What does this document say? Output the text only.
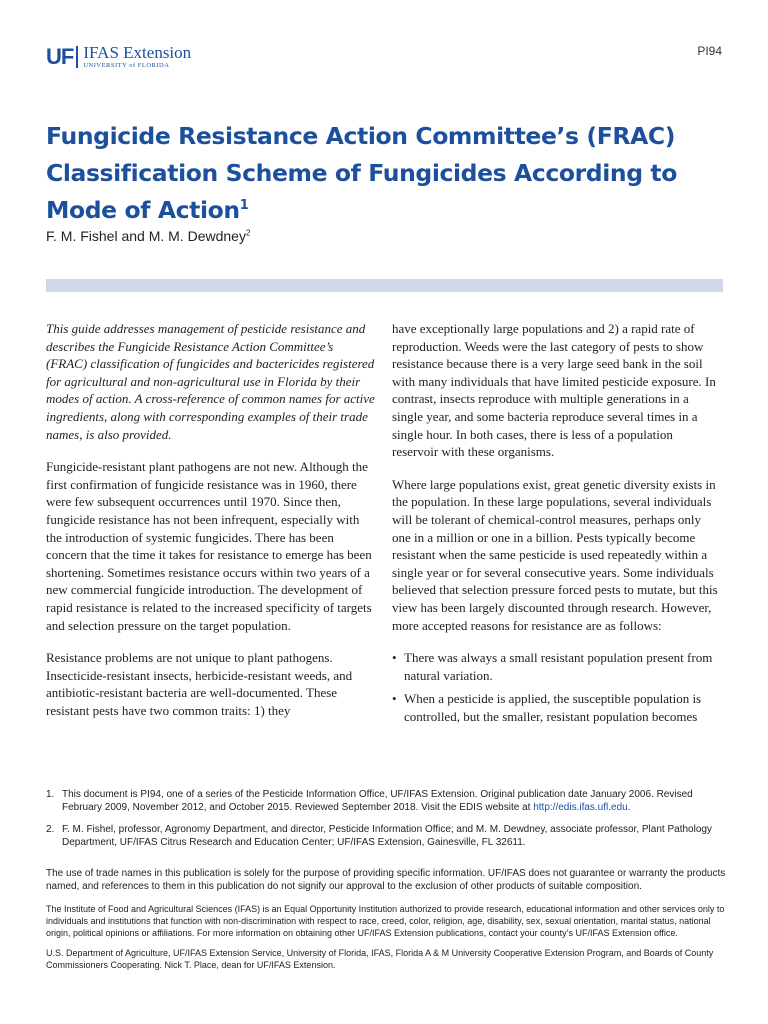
UF IFAS Extension
UNIVERSITY of FLORIDA
PI94
Fungicide Resistance Action Committee’s (FRAC) Classification Scheme of Fungicides According to Mode of Action$^1$
F. M. Fishel and M. M. Dewdney$^2$

This guide addresses management of pesticide resistance and describes the Fungicide Resistance Action Committee’s (FRAC) classification of fungicides and bactericides registered for agricultural and non-agricultural use in Florida by their modes of action. A cross-reference of common names for active ingredients, along with corresponding examples of their trade names, is also provided.

Fungicide-resistant plant pathogens are not new. Although the first confirmation of fungicide resistance was in 1960, there were few subsequent occurrences until 1970. Since then, fungicide resistance has not been infrequent, especially with the introduction of systemic fungicides. There has been concern that the time it takes for resistance to emerge has been shortening. Sometimes resistance occurs within two years of a new commercial fungicide introduction. The development of rapid resistance is related to the increased specificity of targets and selection pressure on the target population.

Resistance problems are not unique to plant pathogens. Insecticide-resistant insects, herbicide-resistant weeds, and antibiotic-resistant bacteria are well-documented. These resistant pests have two common traits: 1) they

have exceptionally large populations and 2) a rapid rate of reproduction. Weeds were the last category of pests to show resistance because there is a very large seed bank in the soil with many individuals that have limited pesticide exposure. In contrast, insects reproduce with multiple generations in a single year, and some bacteria reproduce several times in a single hour. In both cases, there is less of a population reservoir with these organisms.

Where large populations exist, great genetic diversity exists in the population. In these large populations, several individuals will be tolerant of chemical-control measures, perhaps only one in a million or one in a billion. Pests typically become resistant when the same pesticide is used repeatedly within a single year or for several consecutive years. Some individuals believed that selection pressure forced pests to mutate, but this view has been largely discounted through research. However, more accepted reasons for resistance are as follows:

• There was always a small resistant population present from natural variation.
• When a pesticide is applied, the susceptible population is controlled, but the smaller, resistant population becomes
1. This document is PI94, one of a series of the Pesticide Information Office, UF/IFAS Extension. Original publication date January 2006. Revised February 2009, November 2012, and October 2015. Reviewed September 2018. Visit the EDIS website at http://edis.ifas.ufl.edu.
2. F. M. Fishel, professor, Agronomy Department, and director, Pesticide Information Office; and M. M. Dewdney, associate professor, Plant Pathology Department, UF/IFAS Citrus Research and Education Center; UF/IFAS Extension, Gainesville, FL 32611.

The use of trade names in this publication is solely for the purpose of providing specific information. UF/IFAS does not guarantee or warranty the products named, and references to them in this publication do not signify our approval to the exclusion of other products of suitable composition.

The Institute of Food and Agricultural Sciences (IFAS) is an Equal Opportunity Institution authorized to provide research, educational information and other services only to individuals and institutions that function with non-discrimination with respect to race, creed, color, religion, age, disability, sex, sexual orientation, marital status, national origin, political opinions or affiliations. For more information on obtaining other UF/IFAS Extension publications, contact your county’s UF/IFAS Extension office.

U.S. Department of Agriculture, UF/IFAS Extension Service, University of Florida, IFAS, Florida A & M University Cooperative Extension Program, and Boards of County Commissioners Cooperating. Nick T. Place, dean for UF/IFAS Extension.
